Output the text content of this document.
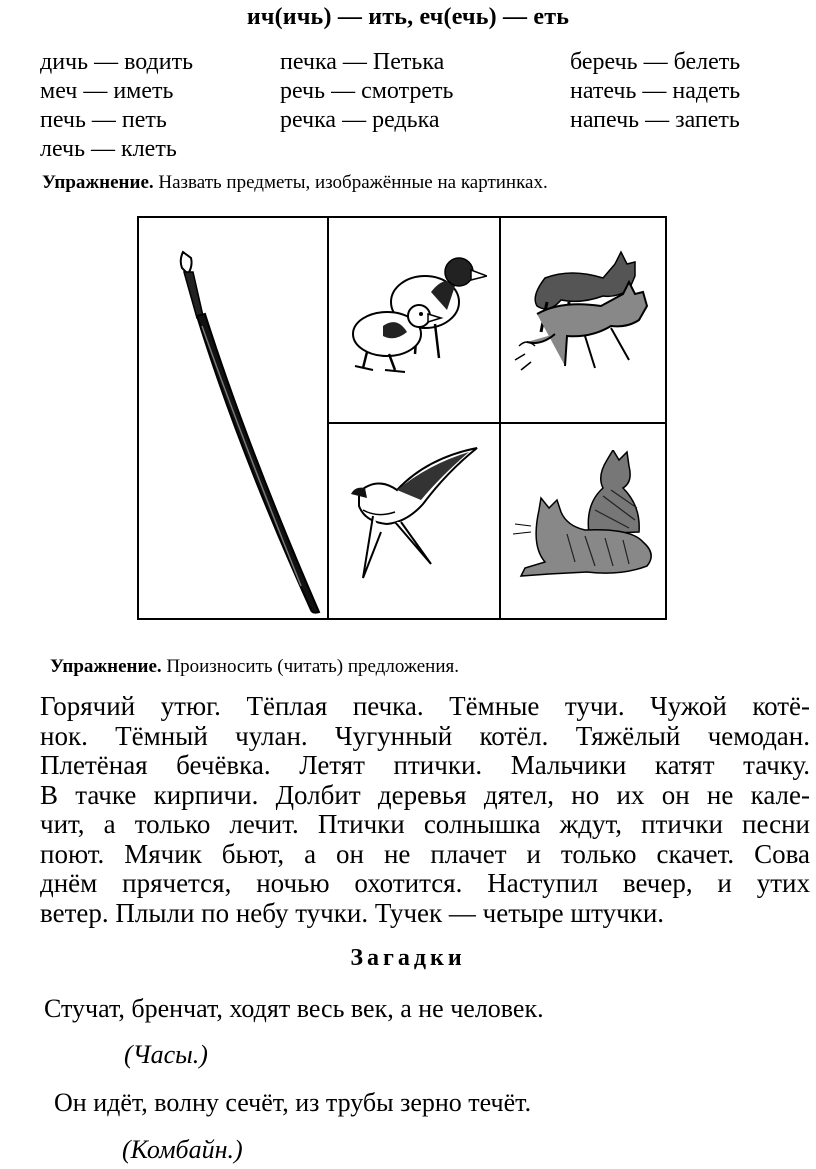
ич(ичь) — ить, еч(ечь) — еть
дичь — водить	печка — Петька	беречь — белеть
меч — иметь	речь — смотреть	натечь — надеть
печь — петь	речка — редька	напечь — запеть
лечь — клеть
Упражнение. Назвать предметы, изображённые на картинках.
Упражнение. Произносить (читать) предложения.
Горячий утюг. Тёплая печка. Тёмные тучи. Чужой котё-
нок. Тёмный чулан. Чугунный котёл. Тяжёлый чемодан.
Плетёная бечёвка. Летят птички. Мальчики катят тачку.
В тачке кирпичи. Долбит деревья дятел, но их он не кале-
чит, а только лечит. Птички солнышка ждут, птички песни
поют. Мячик бьют, а он не плачет и только скачет. Сова
днём прячется, ночью охотится. Наступил вечер, и утих
ветер. Плыли по небу тучки. Тучек — четыре штучки.
Загадки
Стучат, бренчат, ходят весь век, а не человек.
(Часы.)
Он идёт, волну сечёт, из трубы зерно течёт.
(Комбайн.)
